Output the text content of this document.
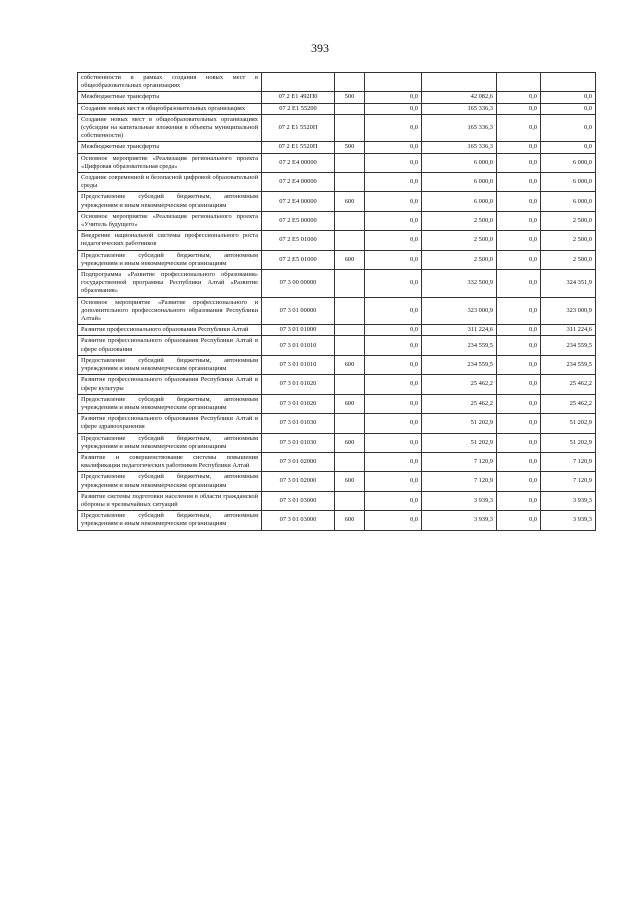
393
собственности в рамках создания новых мест в общеобразовательных организациях						
Межбюджетные трансферты	07 2 E1 492П0	500	0,0	42 082,6	0,0	0,0
Создание новых мест в общеобразовательных организациях	07 2 E1 55200		0,0	165 336,3	0,0	0,0
Создание новых мест в общеобразовательных организациях (субсидии на капитальные вложения в объекты муниципальной собственности)	07 2 E1 5520П		0,0	165 336,3	0,0	0,0
Межбюджетные трансферты	07 2 E1 5520П	500	0,0	165 336,3	0,0	0,0
Основное мероприятие «Реализация регионального проекта «Цифровая образовательная среда»	07 2 E4 00000		0,0	6 000,0	0,0	6 000,0
Создание современной и безопасной цифровой образовательной среды	07 2 E4 00000		0,0	6 000,0	0,0	6 000,0
Предоставление субсидий бюджетным, автономным учреждениям и иным некоммерческим организациям	07 2 E4 00000	600	0,0	6 000,0	0,0	6 000,0
Основное мероприятие «Реализация регионального проекта «Учитель будущего»	07 2 E5 00000		0,0	2 500,0	0,0	2 500,0
Внедрение национальной системы профессионального роста педагогических работников	07 2 E5 01000		0,0	2 500,0	0,0	2 500,0
Предоставление субсидий бюджетным, автономным учреждениям и иным некоммерческим организациям	07 2 E5 01000	600	0,0	2 500,0	0,0	2 500,0
Подпрограмма «Развитие профессионального образования» государственной программы Республики Алтай «Развитие образования»	07 3 00 00000		0,0	332 500,9	0,0	324 351,9
Основное мероприятие «Развитие профессионального и дополнительного профессионального образования Республики Алтай»	07 3 01 00000		0,0	323 000,9	0,0	323 000,9
Развитие профессионального образования Республики Алтай	07 3 01 01000		0,0	311 224,6	0,0	311 224,6
Развитие профессионального образования Республики Алтай в сфере образования	07 3 01 01010		0,0	234 559,5	0,0	234 559,5
Предоставление субсидий бюджетным, автономным учреждениям и иным некоммерческим организациям	07 3 01 01010	600	0,0	234 559,5	0,0	234 559,5
Развитие профессионального образования Республики Алтай в сфере культуры	07 3 01 01020		0,0	25 462,2	0,0	25 462,2
Предоставление субсидий бюджетным, автономным учреждениям и иным некоммерческим организациям	07 3 01 01020	600	0,0	25 462,2	0,0	25 462,2
Развитие профессионального образования Республики Алтай в сфере здравоохранения	07 3 01 01030		0,0	51 202,9	0,0	51 202,9
Предоставление субсидий бюджетным, автономным учреждениям и иным некоммерческим организациям	07 3 01 01030	600	0,0	51 202,9	0,0	51 202,9
Развитие и совершенствование системы повышения квалификации педагогических работников Республики Алтай	07 3 01 02000		0,0	7 120,9	0,0	7 120,9
Предоставление субсидий бюджетным, автономным учреждениям и иным некоммерческим организациям	07 3 01 02000	600	0,0	7 120,9	0,0	7 120,9
Развитие системы подготовки населения в области гражданской обороны и чрезвычайных ситуаций	07 3 01 03000		0,0	3 939,3	0,0	3 939,3
Предоставление субсидий бюджетным, автономным учреждениям и иным некоммерческим организациям	07 3 01 03000	600	0,0	3 939,3	0,0	3 939,3
